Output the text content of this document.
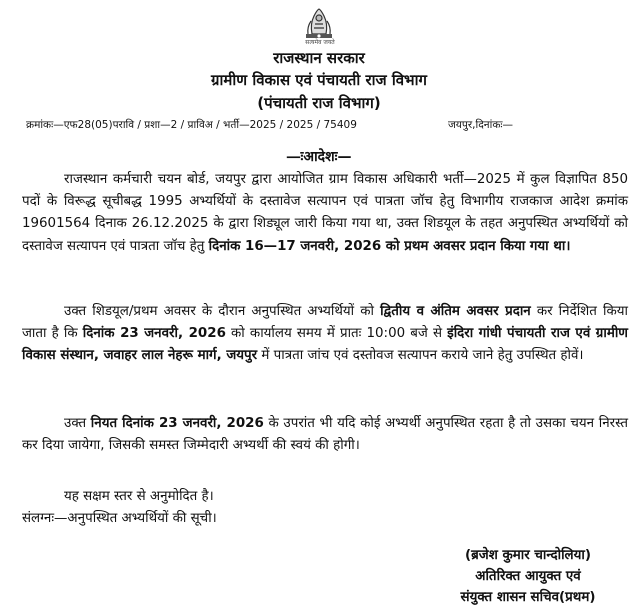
सत्यमेव जयते
राजस्थान सरकार
ग्रामीण विकास एवं पंचायती राज विभाग
(पंचायती राज विभाग)
क्रमांकः—एफ28(05)परावि / प्रशा—2 / प्राविअ / भर्ती—2025 / 2025 / 75409	जयपुर,दिनांकः—
—ःआदेशः—

राजस्थान कर्मचारी चयन बोर्ड, जयपुर द्वारा आयोजित ग्राम विकास अधिकारी भर्ती—2025 में कुल विज्ञापित 850 पदों के विरूद्ध सूचीबद्ध 1995 अभ्यर्थियों के दस्तावेज सत्यापन एवं पात्रता जॉच हेतु विभागीय राजकाज आदेश क्रमांक 19601564 दिनाक 26.12.2025 के द्वारा शिड्यूल जारी किया गया था, उक्त शिडयूल के तहत अनुपस्थित अभ्यर्थियों को दस्तावेज सत्यापन एवं पात्रता जॉच हेतु दिनांक 16—17 जनवरी, 2026 को प्रथम अवसर प्रदान किया गया था।

उक्त शिडयूल/प्रथम अवसर के दौरान अनुपस्थित अभ्यर्थियों को द्वितीय व अंतिम अवसर प्रदान कर निर्देशित किया जाता है कि दिनांक 23 जनवरी, 2026 को कार्यालय समय में प्रातः 10:00 बजे से इंदिरा गांधी पंचायती राज एवं ग्रामीण विकास संस्थान, जवाहर लाल नेहरू मार्ग, जयपुर में पात्रता जांच एवं दस्तोवज सत्यापन कराये जाने हेतु उपस्थित होवें।

उक्त नियत दिनांक 23 जनवरी, 2026 के उपरांत भी यदि कोई अभ्यर्थी अनुपस्थित रहता है तो उसका चयन निरस्त कर दिया जायेगा, जिसकी समस्त जिम्मेदारी अभ्यर्थी की स्वयं की होगी।

यह सक्षम स्तर से अनुमोदित है।

संलग्नः—अनुपस्थित अभ्यर्थियों की सूची।

(ब्रजेश कुमार चान्दोलिया)
अतिरिक्त आयुक्त एवं
संयुक्त शासन सचिव(प्रथम)
